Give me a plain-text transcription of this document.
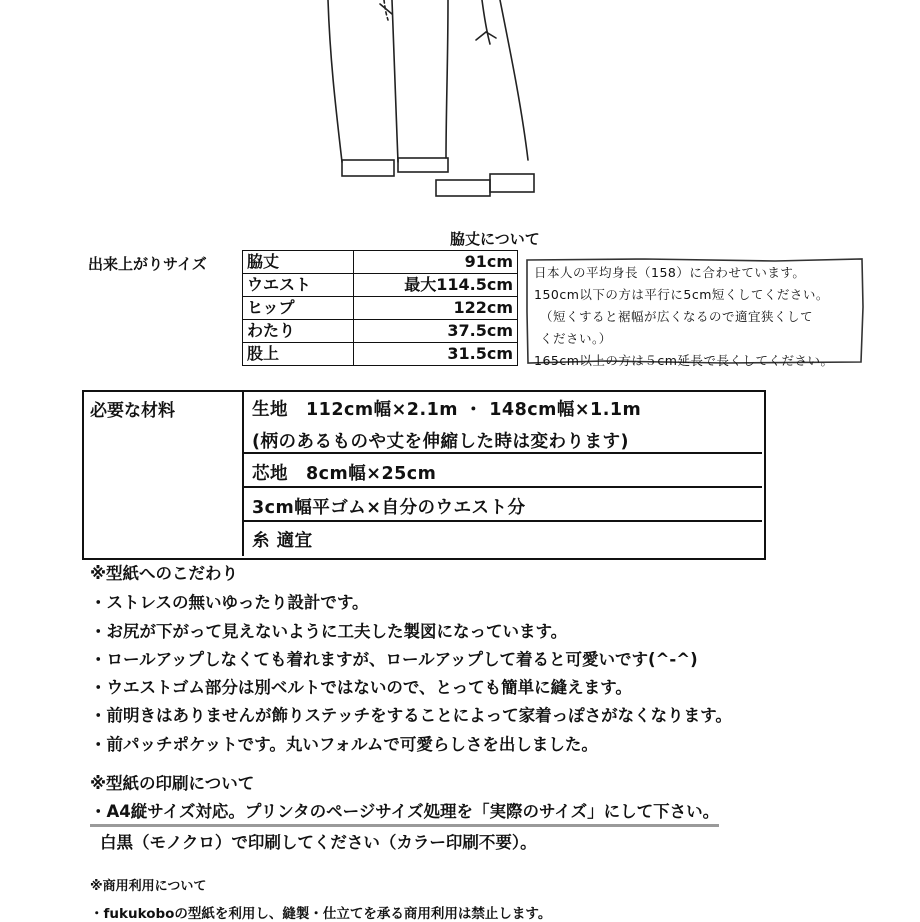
脇丈について
出来上がりサイズ	脇丈	91cm
ウエスト	最大114.5cm
ヒップ	122cm
わたり	37.5cm
股上	31.5cm
日本人の平均身長（158）に合わせています。
150cm以下の方は平行に5cm短くしてください。
（短くすると裾幅が広くなるので適宜狭くして
ください。）
165cm以上の方は５cm延長で長くしてください。
必要な材料	生地　112cm幅×2.1m ・ 148cm幅×1.1m
(柄のあるものや丈を伸縮した時は変わります)
芯地　8cm幅×25cm
3cm幅平ゴム×自分のウエスト分
糸 適宜
※型紙へのこだわり
・ストレスの無いゆったり設計です。
・お尻が下がって見えないように工夫した製図になっています。
・ロールアップしなくても着れますが、ロールアップして着ると可愛いです(^-^)
・ウエストゴム部分は別ベルトではないので、とっても簡単に縫えます。
・前明きはありませんが飾りステッチをすることによって家着っぽさがなくなります。
・前パッチポケットです。丸いフォルムで可愛らしさを出しました。
※型紙の印刷について
・A4縦サイズ対応。プリンタのページサイズ処理を「実際のサイズ」にして下さい。
白黒（モノクロ）で印刷してください（カラー印刷不要）。
※商用利用について
・fukukoboの型紙を利用し、縫製・仕立てを承る商用利用は禁止します。
